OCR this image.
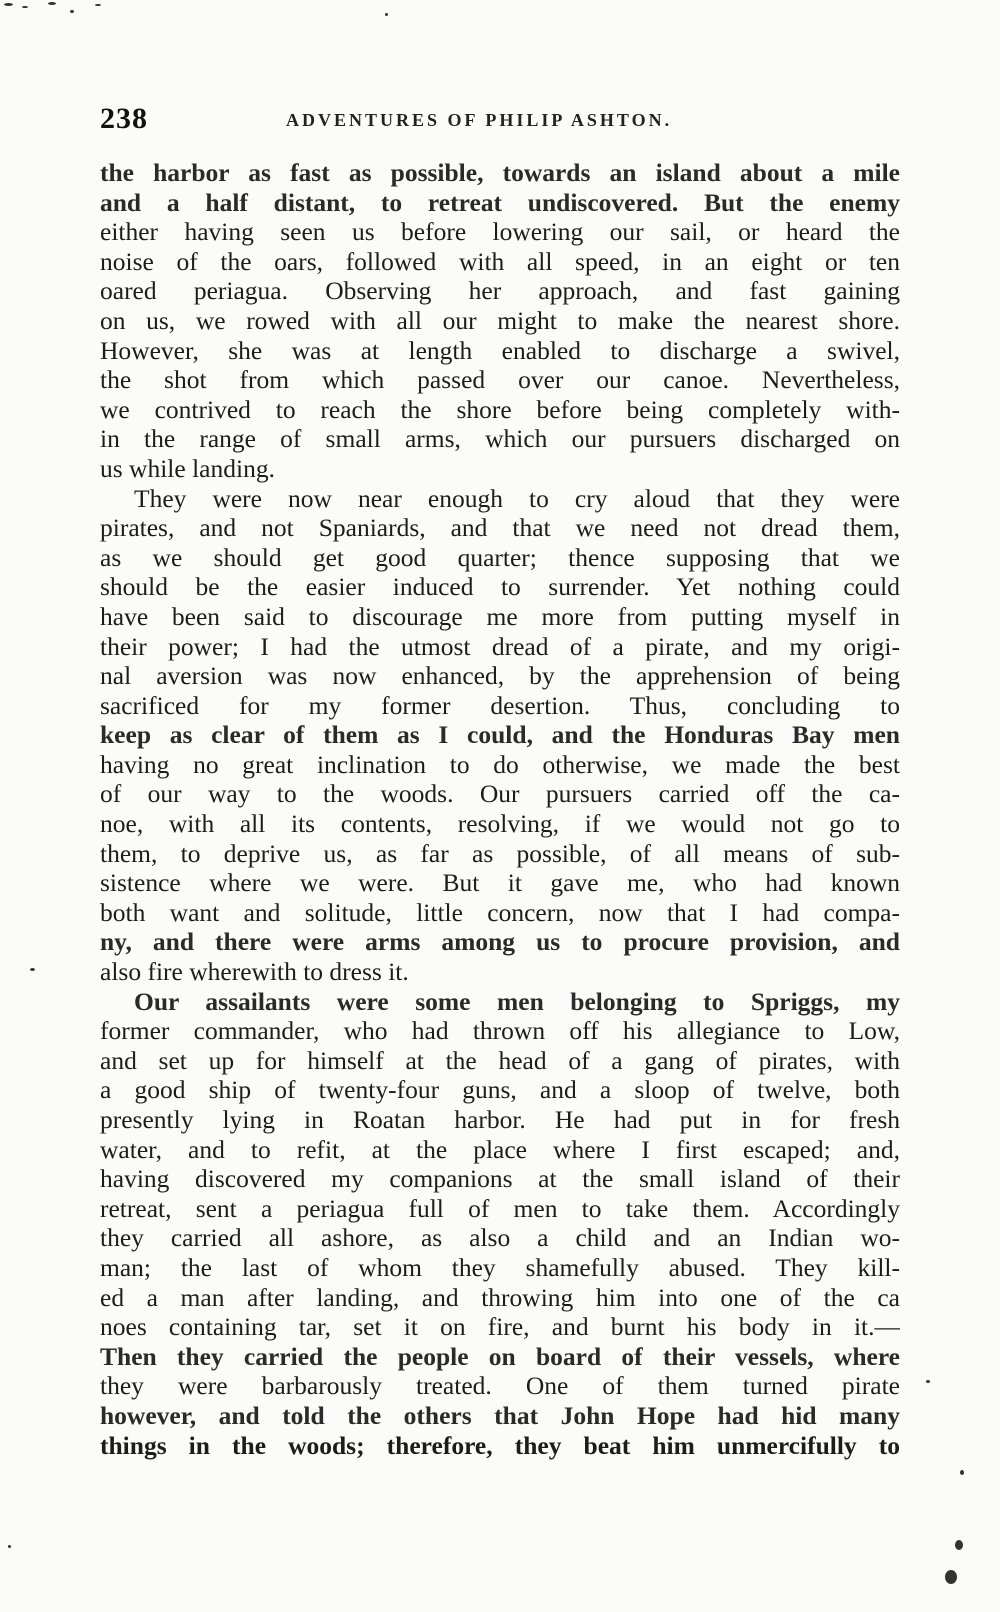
238	ADVENTURES OF PHILIP ASHTON.
the harbor as fast as possible, towards an island about a mile
and a half distant, to retreat undiscovered. But the enemy
either having seen us before lowering our sail, or heard the
noise of the oars, followed with all speed, in an eight or ten
oared periagua. Observing her approach, and fast gaining
on us, we rowed with all our might to make the nearest shore.
However, she was at length enabled to discharge a swivel,
the shot from which passed over our canoe. Nevertheless,
we contrived to reach the shore before being completely with-
in the range of small arms, which our pursuers discharged on
us while landing.
They were now near enough to cry aloud that they were
pirates, and not Spaniards, and that we need not dread them,
as we should get good quarter; thence supposing that we
should be the easier induced to surrender. Yet nothing could
have been said to discourage me more from putting myself in
their power; I had the utmost dread of a pirate, and my origi-
nal aversion was now enhanced, by the apprehension of being
sacrificed for my former desertion. Thus, concluding to
keep as clear of them as I could, and the Honduras Bay men
having no great inclination to do otherwise, we made the best
of our way to the woods. Our pursuers carried off the ca-
noe, with all its contents, resolving, if we would not go to
them, to deprive us, as far as possible, of all means of sub-
sistence where we were. But it gave me, who had known
both want and solitude, little concern, now that I had compa-
ny, and there were arms among us to procure provision, and
also fire wherewith to dress it.
Our assailants were some men belonging to Spriggs, my
former commander, who had thrown off his allegiance to Low,
and set up for himself at the head of a gang of pirates, with
a good ship of twenty-four guns, and a sloop of twelve, both
presently lying in Roatan harbor. He had put in for fresh
water, and to refit, at the place where I first escaped; and,
having discovered my companions at the small island of their
retreat, sent a periagua full of men to take them. Accordingly
they carried all ashore, as also a child and an Indian wo-
man; the last of whom they shamefully abused. They kill-
ed a man after landing, and throwing him into one of the ca
noes containing tar, set it on fire, and burnt his body in it.—
Then they carried the people on board of their vessels, where
they were barbarously treated. One of them turned pirate
however, and told the others that John Hope had hid many
things in the woods; therefore, they beat him unmercifully to
